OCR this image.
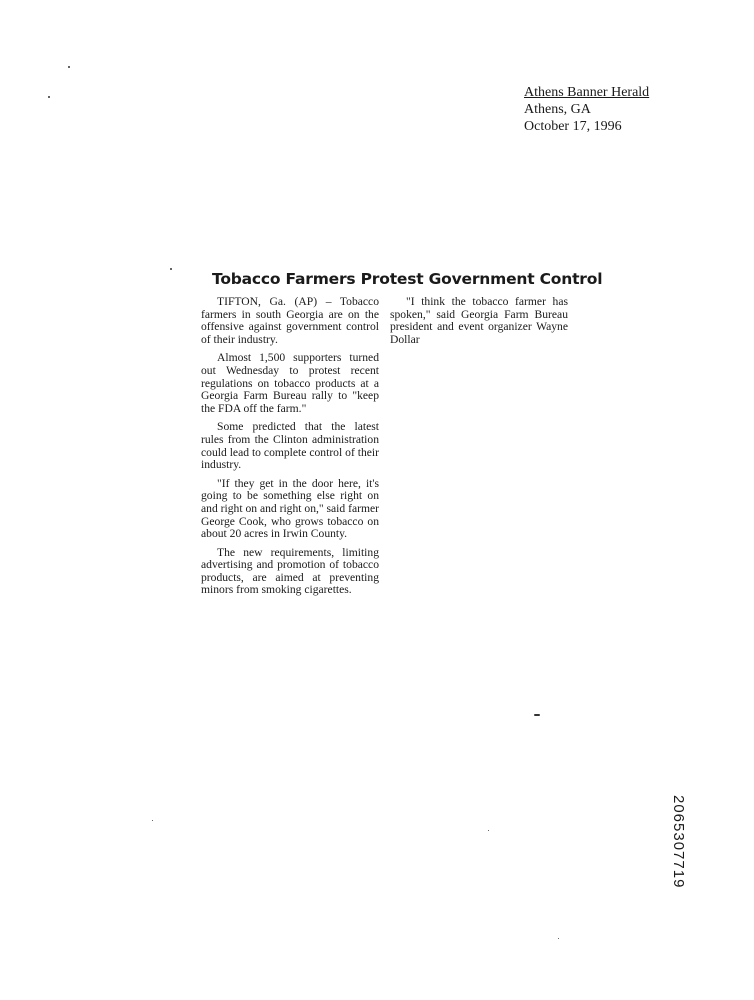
Athens Banner Herald
Athens, GA
October 17, 1996
Tobacco Farmers Protest Government Control

TIFTON, Ga. (AP) – Tobacco farmers in south Georgia are on the offensive against government control of their industry.

Almost 1,500 supporters turned out Wednesday to protest recent regulations on tobacco products at a Georgia Farm Bureau rally to "keep the FDA off the farm."

Some predicted that the latest rules from the Clinton administration could lead to complete control of their industry.

"If they get in the door here, it's going to be something else right on and right on and right on," said farmer George Cook, who grows tobacco on about 20 acres in Irwin County.

The new requirements, limiting advertising and promotion of tobacco products, are aimed at preventing minors from smoking cigarettes.

"I think the tobacco farmer has spoken," said Georgia Farm Bureau president and event organizer Wayne Dollar

2065307719
